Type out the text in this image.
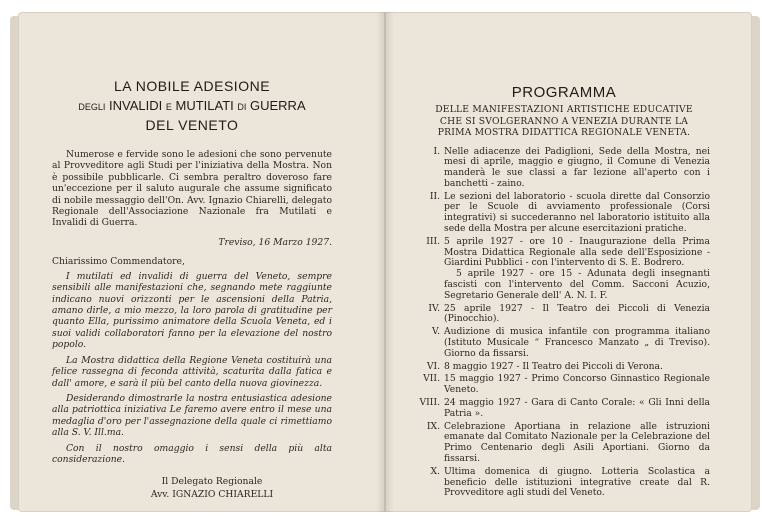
LA NOBILE ADESIONE
DEGLI INVALIDI E MUTILATI DI GUERRA
DEL VENETO
Numerose e fervide sono le adesioni che sono pervenute al Provveditore agli Studi per l'iniziativa della Mostra. Non è possibile pubblicarle. Ci sembra peraltro doveroso fare un'eccezione per il saluto augurale che assume significato di nobile messaggio dell'On. Avv. Ignazio Chiarelli, delegato Regionale dell'Associazione Nazionale fra Mutilati e Invalidi di Guerra.
Treviso, 16 Marzo 1927.
Chiarissimo Commendatore,
I mutilati ed invalidi di guerra del Veneto, sempre sensibili alle manifestazioni che, segnando mete raggiunte indicano nuovi orizzonti per le ascensioni della Patria, amano dirle, a mio mezzo, la loro parola di gratitudine per quanto Ella, purissimo animatore della Scuola Veneta, ed i suoi validi collaboratori fanno per la elevazione del nostro popolo.
La Mostra didattica della Regione Veneta costituirà una felice rassegna di feconda attività, scaturita dalla fatica e dall' amore, e sarà il più bel canto della nuova giovinezza.
Desiderando dimostrarle la nostra entusiastica adesione alla patriottica iniziativa Le faremo avere entro il mese una medaglia d'oro per l'assegnazione della quale ci rimettiamo alla S. V. Ill.ma.
Con il nostro omaggio i sensi della più alta considerazione.
Il Delegato Regionale
Avv. IGNAZIO CHIARELLI
PROGRAMMA
DELLE MANIFESTAZIONI ARTISTICHE EDUCATIVE
CHE SI SVOLGERANNO A VENEZIA DURANTE LA
PRIMA MOSTRA DIDATTICA REGIONALE VENETA.
I. Nelle adiacenze dei Padiglioni, Sede della Mostra, nei mesi di aprile, maggio e giugno, il Comune di Venezia manderà le sue classi a far lezione all'aperto con i banchetti - zaino.
II. Le sezioni del laboratorio - scuola dirette dal Consorzio per le Scuole di avviamento professionale (Corsi integrativi) si succederanno nel laboratorio istituito alla sede della Mostra per alcune esercitazioni pratiche.
III. 5 aprile 1927 - ore 10 - Inaugurazione della Prima Mostra Didattica Regionale alla sede dell'Esposizione - Giardini Pubblici - con l'intervento di S. E. Bodrero.
5 aprile 1927 - ore 15 - Adunata degli insegnanti fascisti con l'intervento del Comm. Sacconi Acuzio, Segretario Generale dell' A. N. I. F.
IV. 25 aprile 1927 - Il Teatro dei Piccoli di Venezia (Pinocchio).
V. Audizione di musica infantile con programma italiano (Istituto Musicale “ Francesco Manzato „ di Treviso). Giorno da fissarsi.
VI. 8 maggio 1927 - Il Teatro dei Piccoli di Verona.
VII. 15 maggio 1927 - Primo Concorso Ginnastico Regionale Veneto.
VIII. 24 maggio 1927 - Gara di Canto Corale: « Gli Inni della Patria ».
IX. Celebrazione Aportiana in relazione alle istruzioni emanate dal Comitato Nazionale per la Celebrazione del Primo Centenario degli Asili Aportiani. Giorno da fissarsi.
X. Ultima domenica di giugno. Lotteria Scolastica a beneficio delle istituzioni integrative create dal R. Provveditore agli studi del Veneto.
